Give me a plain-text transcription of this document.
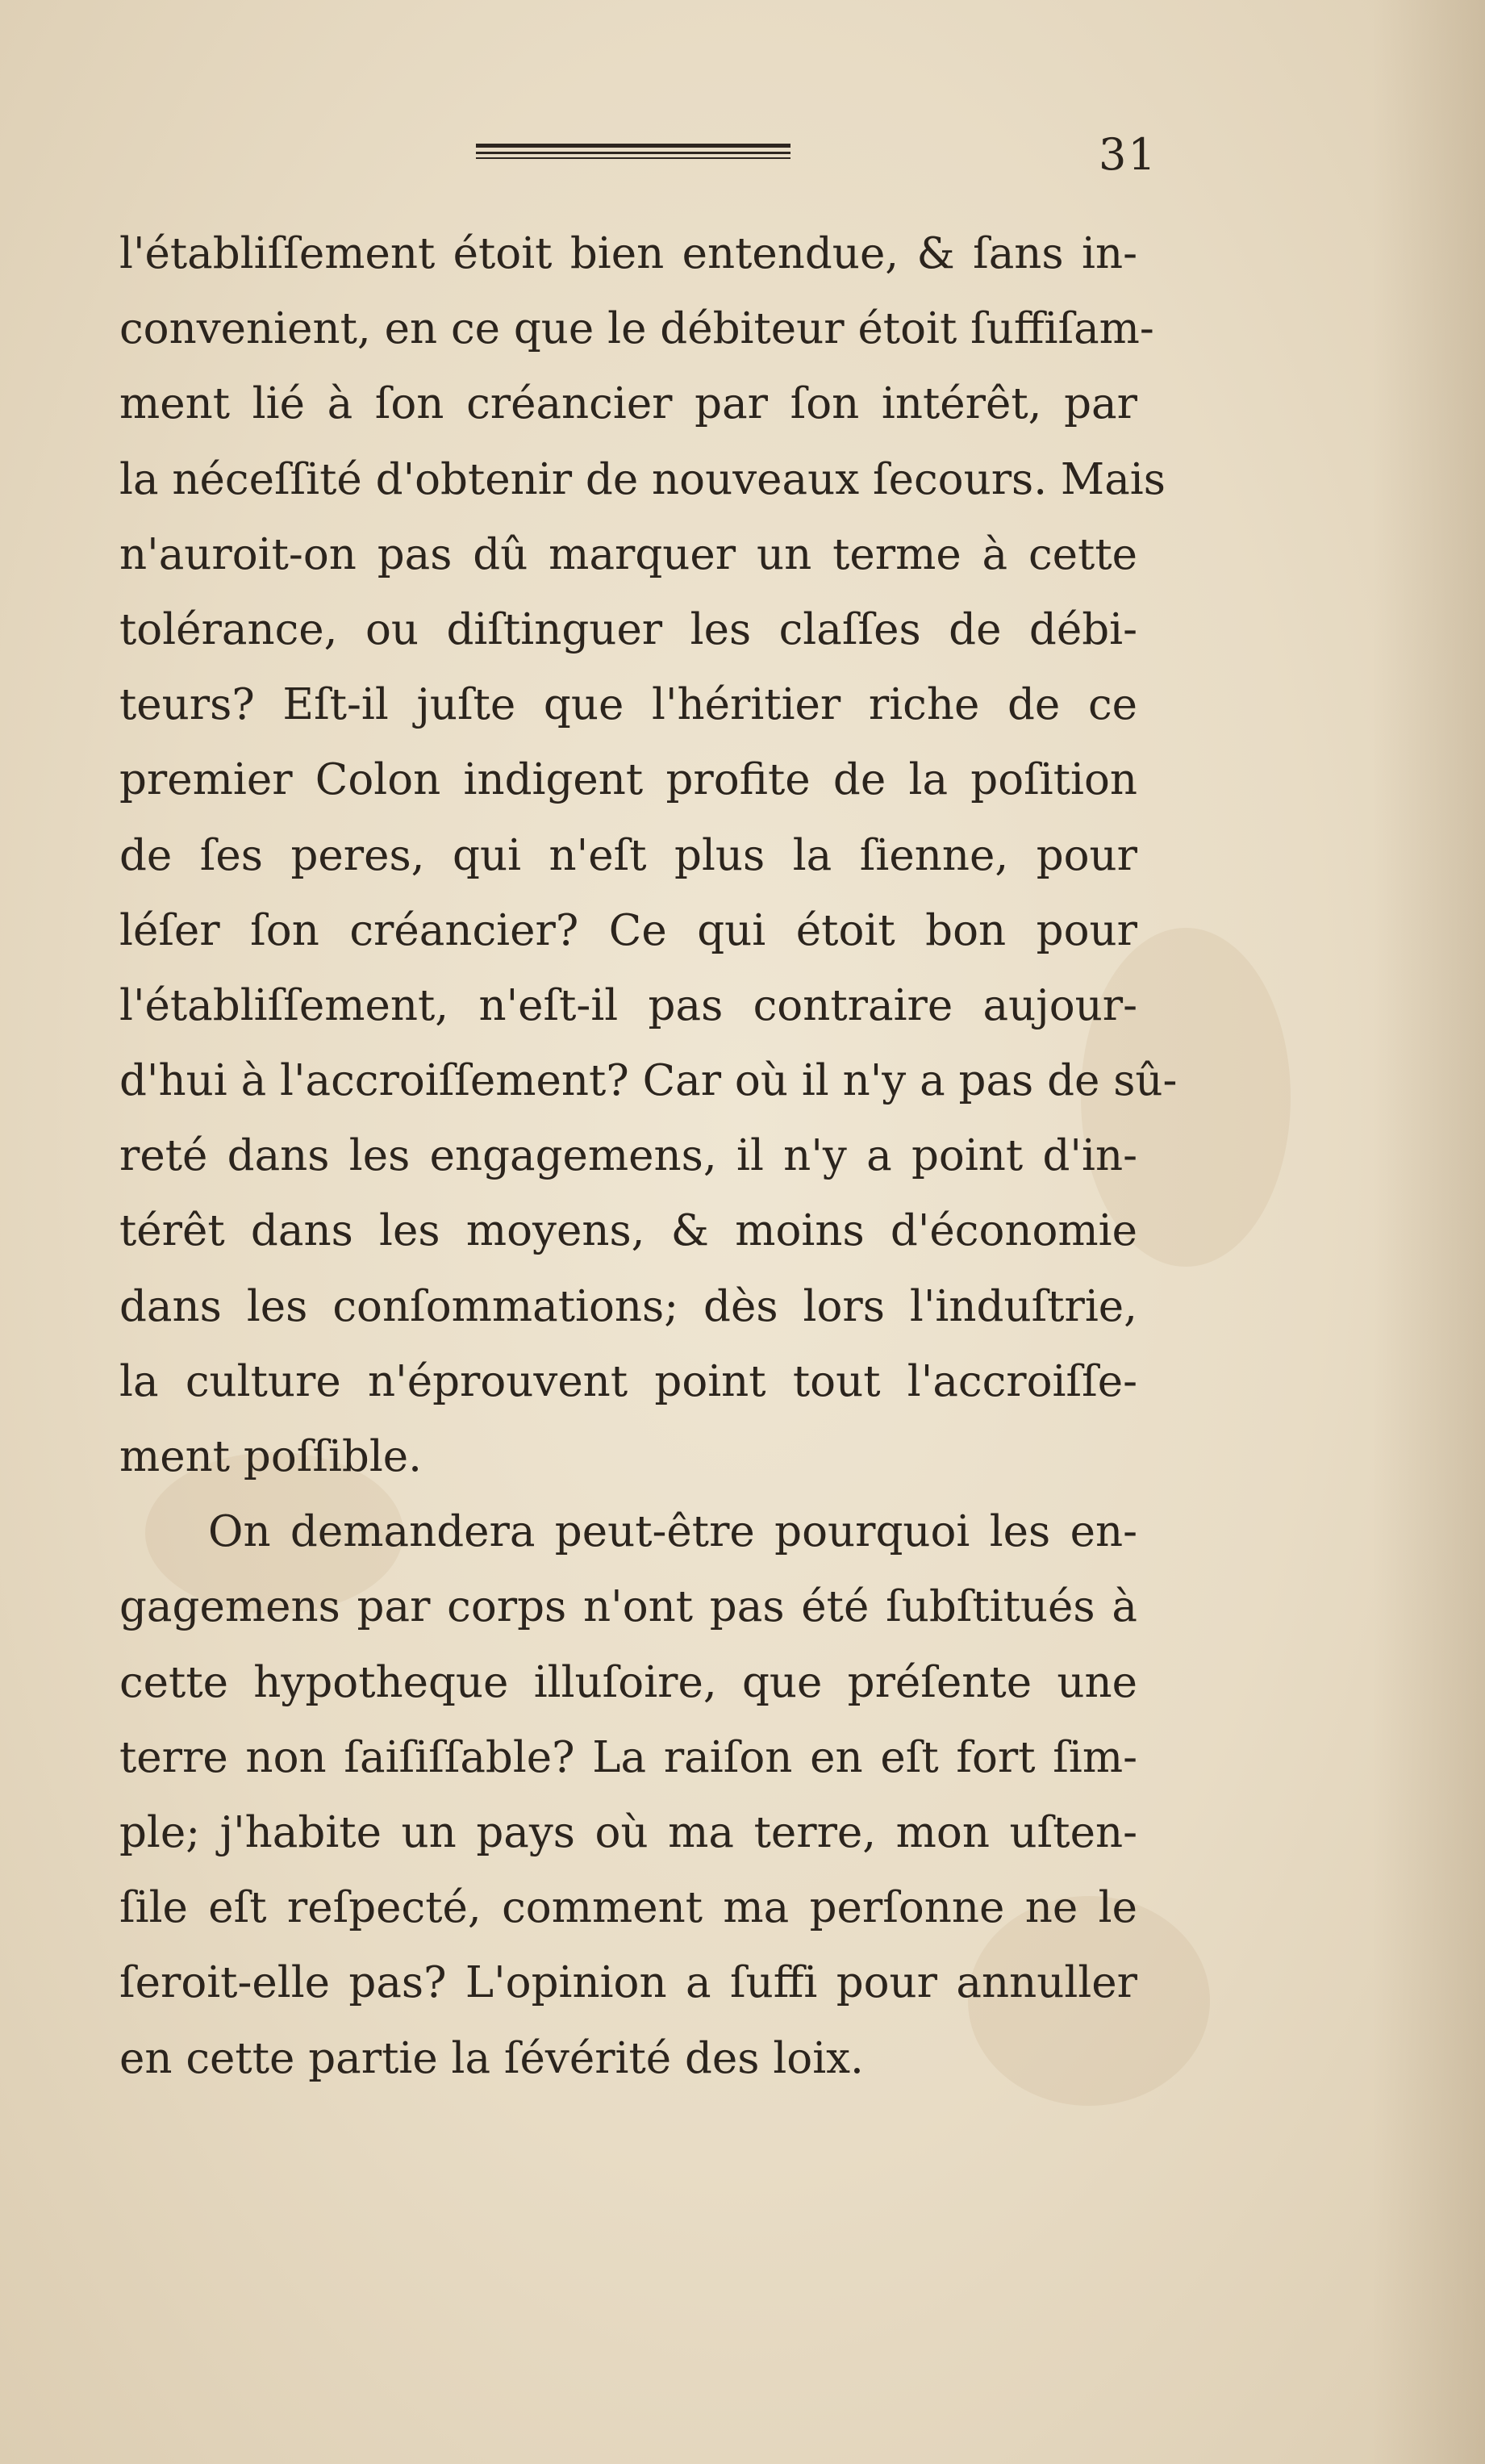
31
l'établiſſement étoit bien entendue, & ſans in-
convenient, en ce que le débiteur étoit ſuffiſam-
ment lié à ſon créancier par ſon intérêt, par
la néceſſité d'obtenir de nouveaux ſecours. Mais
n'auroit-on pas dû marquer un terme à cette
tolérance, ou diſtinguer les claſſes de débi-
teurs? Eſt-il juſte que l'héritier riche de ce
premier Colon indigent profite de la poſition
de ſes peres, qui n'eſt plus la ſienne, pour
léſer ſon créancier? Ce qui étoit bon pour
l'établiſſement, n'eſt-il pas contraire aujour-
d'hui à l'accroiſſement? Car où il n'y a pas de sû-
reté dans les engagemens, il n'y a point d'in-
térêt dans les moyens, & moins d'économie
dans les conſommations; dès lors l'induſtrie,
la culture n'éprouvent point tout l'accroiſſe-
ment poſſible.
On demandera peut-être pourquoi les en-
gagemens par corps n'ont pas été ſubſtitués à
cette hypotheque illuſoire, que préſente une
terre non ſaiſiſſable? La raiſon en eſt fort ſim-
ple; j'habite un pays où ma terre, mon uſten-
ſile eſt reſpecté, comment ma perſonne ne le
ſeroit-elle pas? L'opinion a ſuffi pour annuller
en cette partie la ſévérité des loix.
